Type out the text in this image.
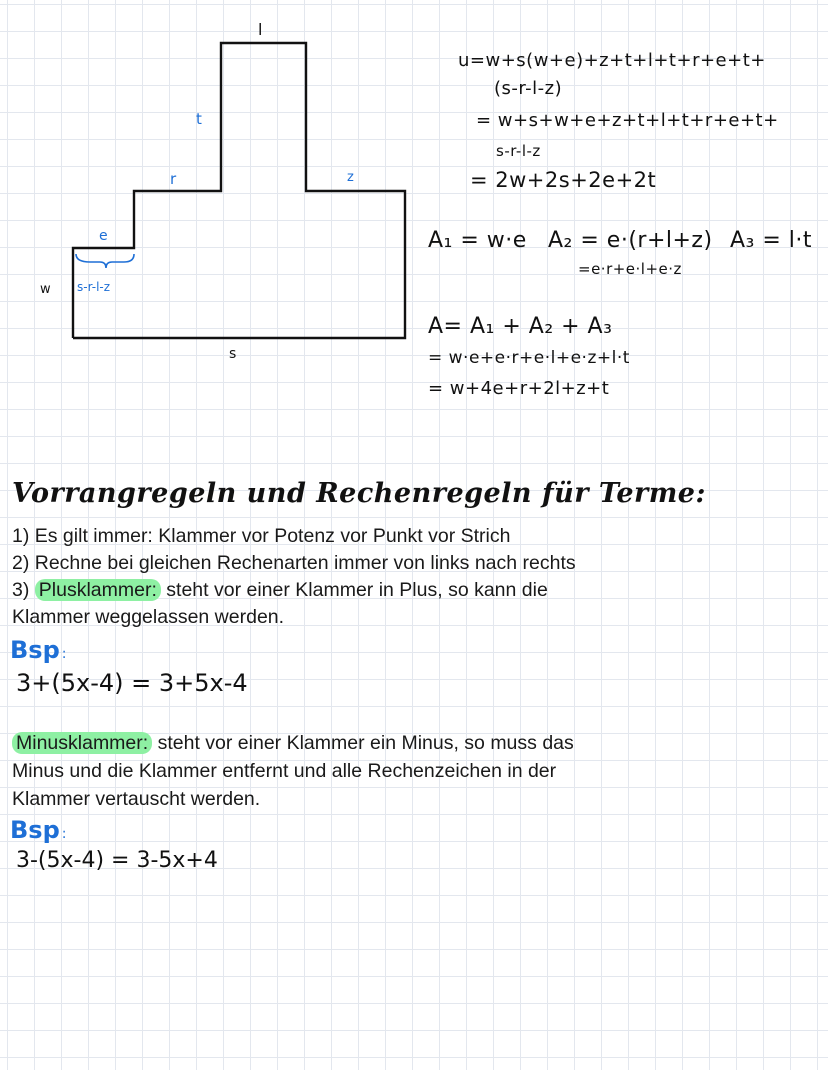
l
t
r
e
z
w s-r-l-z
s
u=w+s(w+e)+z+t+l+t+r+e+t+
(s-r-l-z)
= w+s+w+e+z+t+l+t+r+e+t+
s-r-l-z
= 2w+2s+2e+2t
A₁ = w·e A₂ = e·(r+l+z) A₃ = l·t
=e·r+e·l+e·z
A= A₁ + A₂ + A₃
= w·e+e·r+e·l+e·z+l·t
= w+4e+r+2l+z+t
Vorrangregeln und Rechenregeln für Terme:
1) Es gilt immer: Klammer vor Potenz vor Punkt vor Strich
2) Rechne bei gleichen Rechenarten immer von links nach rechts
3) Plusklammer: steht vor einer Klammer in Plus, so kann die
Klammer weggelassen werden.
Bsp :
3+(5x-4) = 3+5x-4
Minusklammer: steht vor einer Klammer ein Minus, so muss das
Minus und die Klammer entfernt und alle Rechenzeichen in der
Klammer vertauscht werden.
Bsp :
3-(5x-4) = 3-5x+4
